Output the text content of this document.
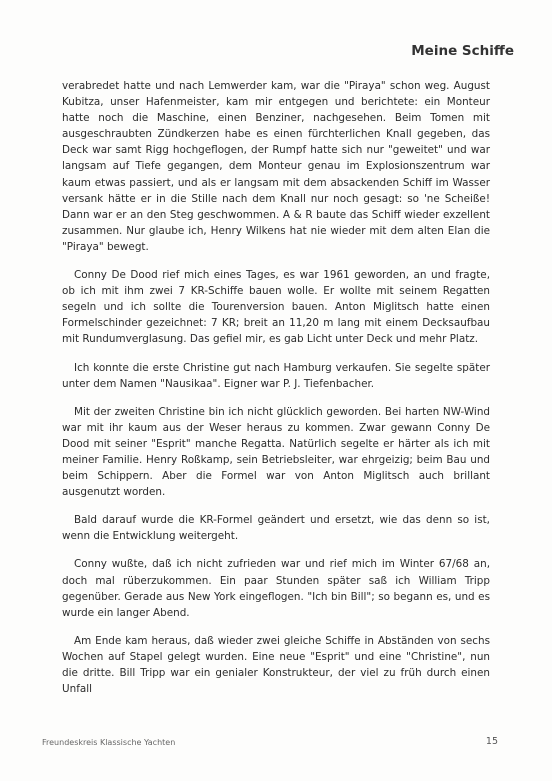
Meine Schiffe

verabredet hatte und nach Lemwerder kam, war die "Piraya" schon weg. August Kubitza, unser Hafenmeister, kam mir entgegen und berichtete: ein Monteur hatte noch die Maschine, einen Benziner, nachgesehen. Beim Tomen mit ausgeschraubten Zündkerzen habe es einen fürchterlichen Knall gegeben, das Deck war samt Rigg hochgeflogen, der Rumpf hatte sich nur "geweitet" und war langsam auf Tiefe gegangen, dem Monteur genau im Explosionszentrum war kaum etwas passiert, und als er langsam mit dem absackenden Schiff im Wasser versank hätte er in die Stille nach dem Knall nur noch gesagt: so 'ne Scheiße! Dann war er an den Steg geschwommen. A & R baute das Schiff wieder exzellent zusammen. Nur glaube ich, Henry Wilkens hat nie wieder mit dem alten Elan die "Piraya" bewegt.

Conny De Dood rief mich eines Tages, es war 1961 geworden, an und fragte, ob ich mit ihm zwei 7 KR-Schiffe bauen wolle. Er wollte mit seinem Regatten segeln und ich sollte die Tourenversion bauen. Anton Miglitsch hatte einen Formelschinder gezeichnet: 7 KR; breit an 11,20 m lang mit einem Decksaufbau mit Rundumverglasung. Das gefiel mir, es gab Licht unter Deck und mehr Platz.

Ich konnte die erste Christine gut nach Hamburg verkaufen. Sie segelte später unter dem Namen "Nausikaa". Eigner war P. J. Tiefenbacher.

Mit der zweiten Christine bin ich nicht glücklich geworden. Bei harten NW-Wind war mit ihr kaum aus der Weser heraus zu kommen. Zwar gewann Conny De Dood mit seiner "Esprit" manche Regatta. Natürlich segelte er härter als ich mit meiner Familie. Henry Roßkamp, sein Betriebsleiter, war ehrgeizig; beim Bau und beim Schippern. Aber die Formel war von Anton Miglitsch auch brillant ausgenutzt worden.

Bald darauf wurde die KR-Formel geändert und ersetzt, wie das denn so ist, wenn die Entwicklung weitergeht.

Conny wußte, daß ich nicht zufrieden war und rief mich im Winter 67/68 an, doch mal rüberzukommen. Ein paar Stunden später saß ich William Tripp gegenüber. Gerade aus New York eingeflogen. "Ich bin Bill"; so begann es, und es wurde ein langer Abend.

Am Ende kam heraus, daß wieder zwei gleiche Schiffe in Abständen von sechs Wochen auf Stapel gelegt wurden. Eine neue "Esprit" und eine "Christine", nun die dritte. Bill Tripp war ein genialer Konstrukteur, der viel zu früh durch einen Unfall

Freundeskreis Klassische Yachten	15
